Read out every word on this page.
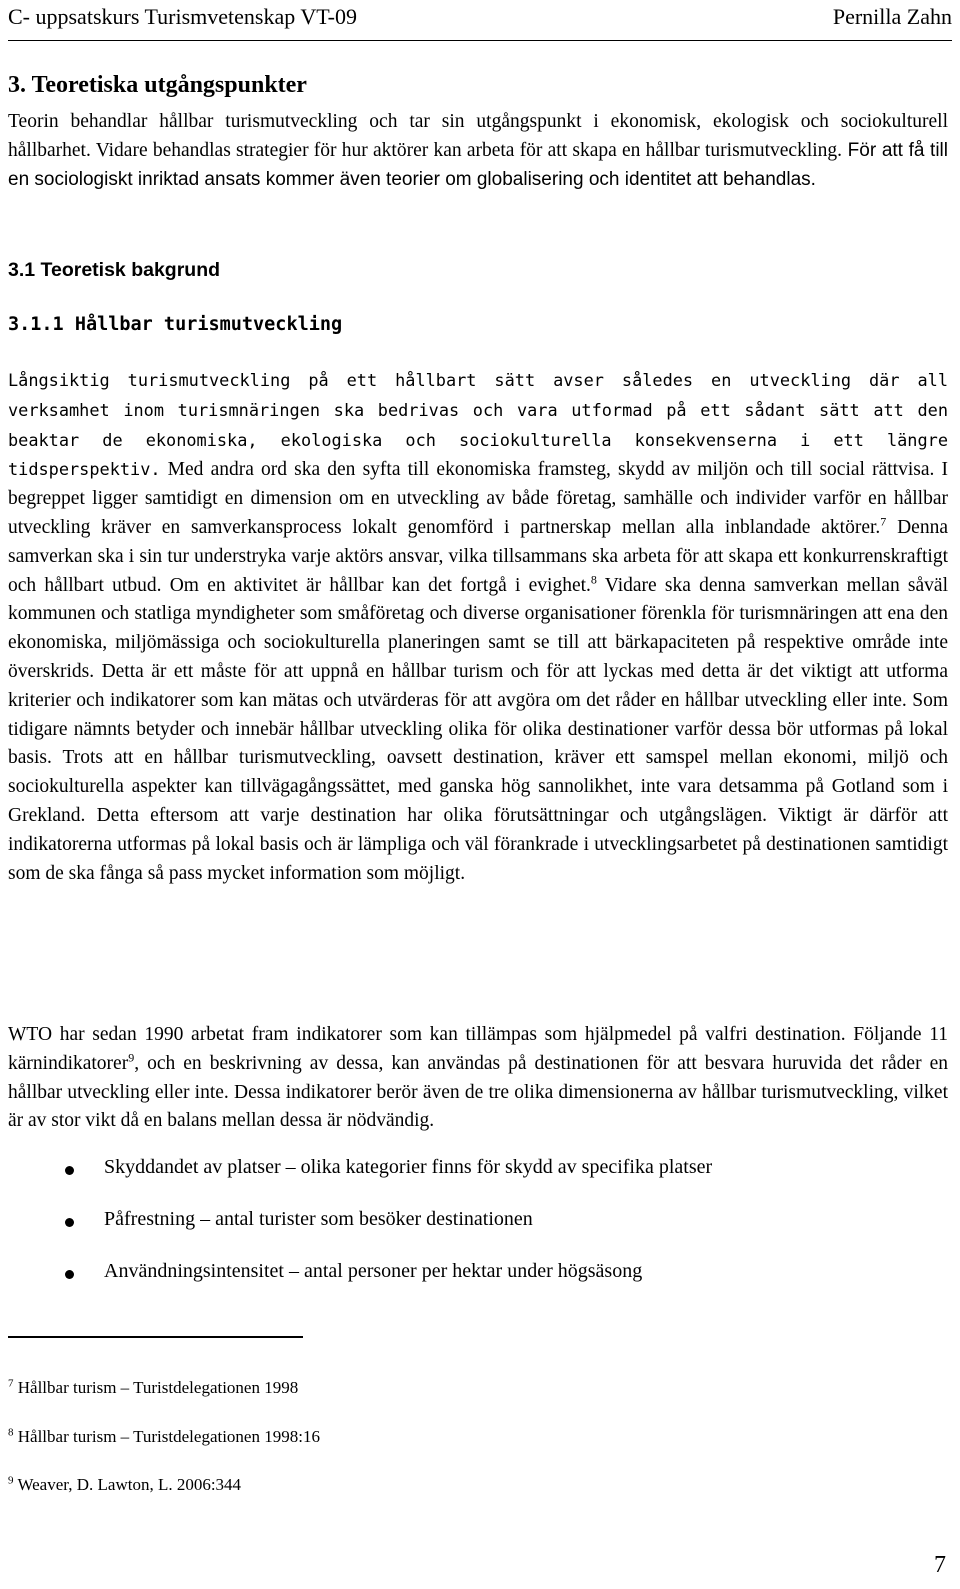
C- uppsatskurs Turismvetenskap VT-09	Pernilla Zahn
3. Teoretiska utgångspunkter

Teorin behandlar hållbar turismutveckling och tar sin utgångspunkt i ekonomisk, ekologisk och sociokulturell hållbarhet. Vidare behandlas strategier för hur aktörer kan arbeta för att skapa en hållbar turismutveckling. För att få till en sociologiskt inriktad ansats kommer även teorier om globalisering och identitet att behandlas.

3.1 Teoretisk bakgrund
3.1.1 Hållbar turismutveckling

Långsiktig turismutveckling på ett hållbart sätt avser således en utveckling där all verksamhet inom turismnäringen ska bedrivas och vara utformad på ett sådant sätt att den beaktar de ekonomiska, ekologiska och sociokulturella konsekvenserna i ett längre tidsperspektiv. Med andra ord ska den syfta till ekonomiska framsteg, skydd av miljön och till social rättvisa. I begreppet ligger samtidigt en dimension om en utveckling av både företag, samhälle och individer varför en hållbar utveckling kräver en samverkansprocess lokalt genomförd i partnerskap mellan alla inblandade aktörer.$^7$ Denna samverkan ska i sin tur understryka varje aktörs ansvar, vilka tillsammans ska arbeta för att skapa ett konkurrenskraftigt och hållbart utbud. Om en aktivitet är hållbar kan det fortgå i evighet.$^8$ Vidare ska denna samverkan mellan såväl kommunen och statliga myndigheter som småföretag och diverse organisationer förenkla för turismnäringen att ena den ekonomiska, miljömässiga och sociokulturella planeringen samt se till att bärkapaciteten på respektive område inte överskrids. Detta är ett måste för att uppnå en hållbar turism och för att lyckas med detta är det viktigt att utforma kriterier och indikatorer som kan mätas och utvärderas för att avgöra om det råder en hållbar utveckling eller inte. Som tidigare nämnts betyder och innebär hållbar utveckling olika för olika destinationer varför dessa bör utformas på lokal basis. Trots att en hållbar turismutveckling, oavsett destination, kräver ett samspel mellan ekonomi, miljö och sociokulturella aspekter kan tillvägagångssättet, med ganska hög sannolikhet, inte vara detsamma på Gotland som i Grekland. Detta eftersom att varje destination har olika förutsättningar och utgångslägen. Viktigt är därför att indikatorerna utformas på lokal basis och är lämpliga och väl förankrade i utvecklingsarbetet på destinationen samtidigt som de ska fånga så pass mycket information som möjligt.

WTO har sedan 1990 arbetat fram indikatorer som kan tillämpas som hjälpmedel på valfri destination. Följande 11 kärnindikatorer$^9$, och en beskrivning av dessa, kan användas på destinationen för att besvara huruvida det råder en hållbar utveckling eller inte. Dessa indikatorer berör även de tre olika dimensionerna av hållbar turismutveckling, vilket är av stor vikt då en balans mellan dessa är nödvändig.

Skyddandet av platser – olika kategorier finns för skydd av specifika platser
Påfrestning – antal turister som besöker destinationen
Användningsintensitet – antal personer per hektar under högsäsong
$^7$ Hållbar turism – Turistdelegationen 1998
$^8$ Hållbar turism – Turistdelegationen 1998:16
$^9$ Weaver, D. Lawton, L. 2006:344
7
